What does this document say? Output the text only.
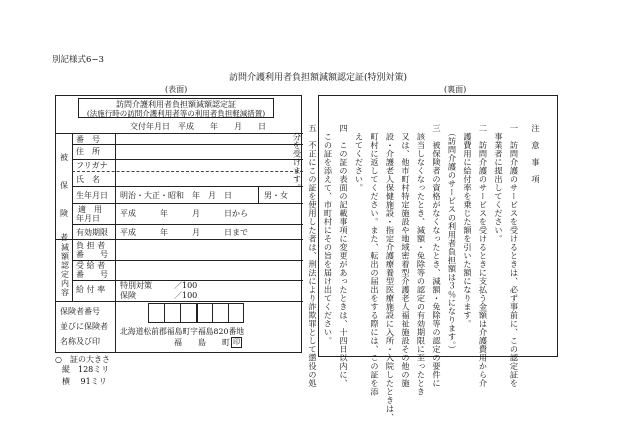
別記様式6−3
訪問介護利用者負担額減額認定証(特別対策)
(表面)
訪問介護利用者負担額減額認定証
(法施行時の訪問介護利用者等の利用者負担軽減措置)
交付年月日　平成　　年　　月　　日
被
保
険
者
番　号
住　所
フリガナ
氏　名
生年月日 明治・大正・昭和　年　月　日	男・女
適　用
年月日
平成　　　年　　　月　　　日から
有効期限 平成　　　年　　　月　　　日まで
減額認定内容
負 担 者
番　　号
受 給 者
番　　号
給 付 率 特別対策	／100
保険	／100
保険者番号
並びに保険者
名称及び印
北海道松前郡福島町字福島820番地
福　　島　　町 印
○　証の大きさ
縦　128ミリ
横　 91ミリ
(裏面)
注　意　事　項
一　訪問介護のサービスを受けるときは、必ず事前に、この認定証を
　事業者に提出してください。
二　訪問介護のサービスを受けるときに支払う金額は介護費用から介
　護費用に給付率を乗じた額を引いた額になります。
　（訪問介護のサービスの利用者負担額は３％になります。）
三　被保険者の資格がなくなったとき、減額・免除等の認定の要件に
　該当しなくなったとき、減額・免除等の認定の有効期限に至ったとき
　又は、他市町村特定施設や地域密着型介護老人福祉施設その他の施
　設・介護老人保健施設・指定介護療養型医療施設に入所・入院したときは、
　町村に返してください。また、転出の届出をする際には、この証を添
　えてください。
四　この証の表面の記載事項に変更があったときは、十四日以内に、
　この証を添えて、市町村にその旨を届け出てください。
五　不正にこの証を使用した者は、刑法により詐欺罪として懲役の処
　分を受けます。
